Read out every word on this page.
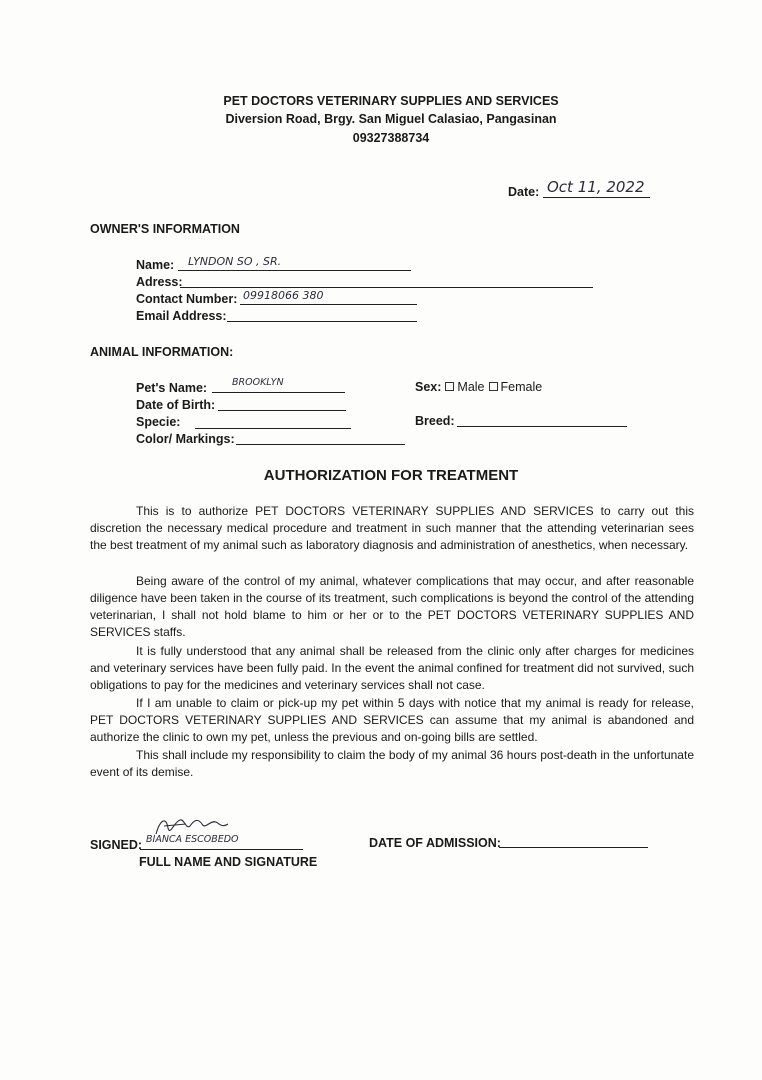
PET DOCTORS VETERINARY SUPPLIES AND SERVICES
Diversion Road, Brgy. San Miguel Calasiao, Pangasinan
09327388734
Date: Oct 11, 2022
OWNER'S INFORMATION
Name: LYNDON SO , SR.
Adress:
Contact Number: 09918066 380
Email Address:
ANIMAL INFORMATION:
Pet's Name:	BROOKLYN
Date of Birth:
Specie:
Color/ Markings:
Sex: Male Female
Breed:
AUTHORIZATION FOR TREATMENT

This is to authorize PET DOCTORS VETERINARY SUPPLIES AND SERVICES to carry out this discretion the necessary medical procedure and treatment in such manner that the attending veterinarian sees the best treatment of my animal such as laboratory diagnosis and administration of anesthetics, when necessary.

Being aware of the control of my animal, whatever complications that may occur, and after reasonable diligence have been taken in the course of its treatment, such complications is beyond the control of the attending veterinarian, I shall not hold blame to him or her or to the PET DOCTORS VETERINARY SUPPLIES AND SERVICES staffs.

It is fully understood that any animal shall be released from the clinic only after charges for medicines and veterinary services have been fully paid. In the event the animal confined for treatment did not survived, such obligations to pay for the medicines and veterinary services shall not case.

If I am unable to claim or pick-up my pet within 5 days with notice that my animal is ready for release, PET DOCTORS VETERINARY SUPPLIES AND SERVICES can assume that my animal is abandoned and authorize the clinic to own my pet, unless the previous and on-going bills are settled.

This shall include my responsibility to claim the body of my animal 36 hours post-death in the unfortunate event of its demise.

SIGNED: BIANCA ESCOBEDO
FULL NAME AND SIGNATURE
DATE OF ADMISSION:
